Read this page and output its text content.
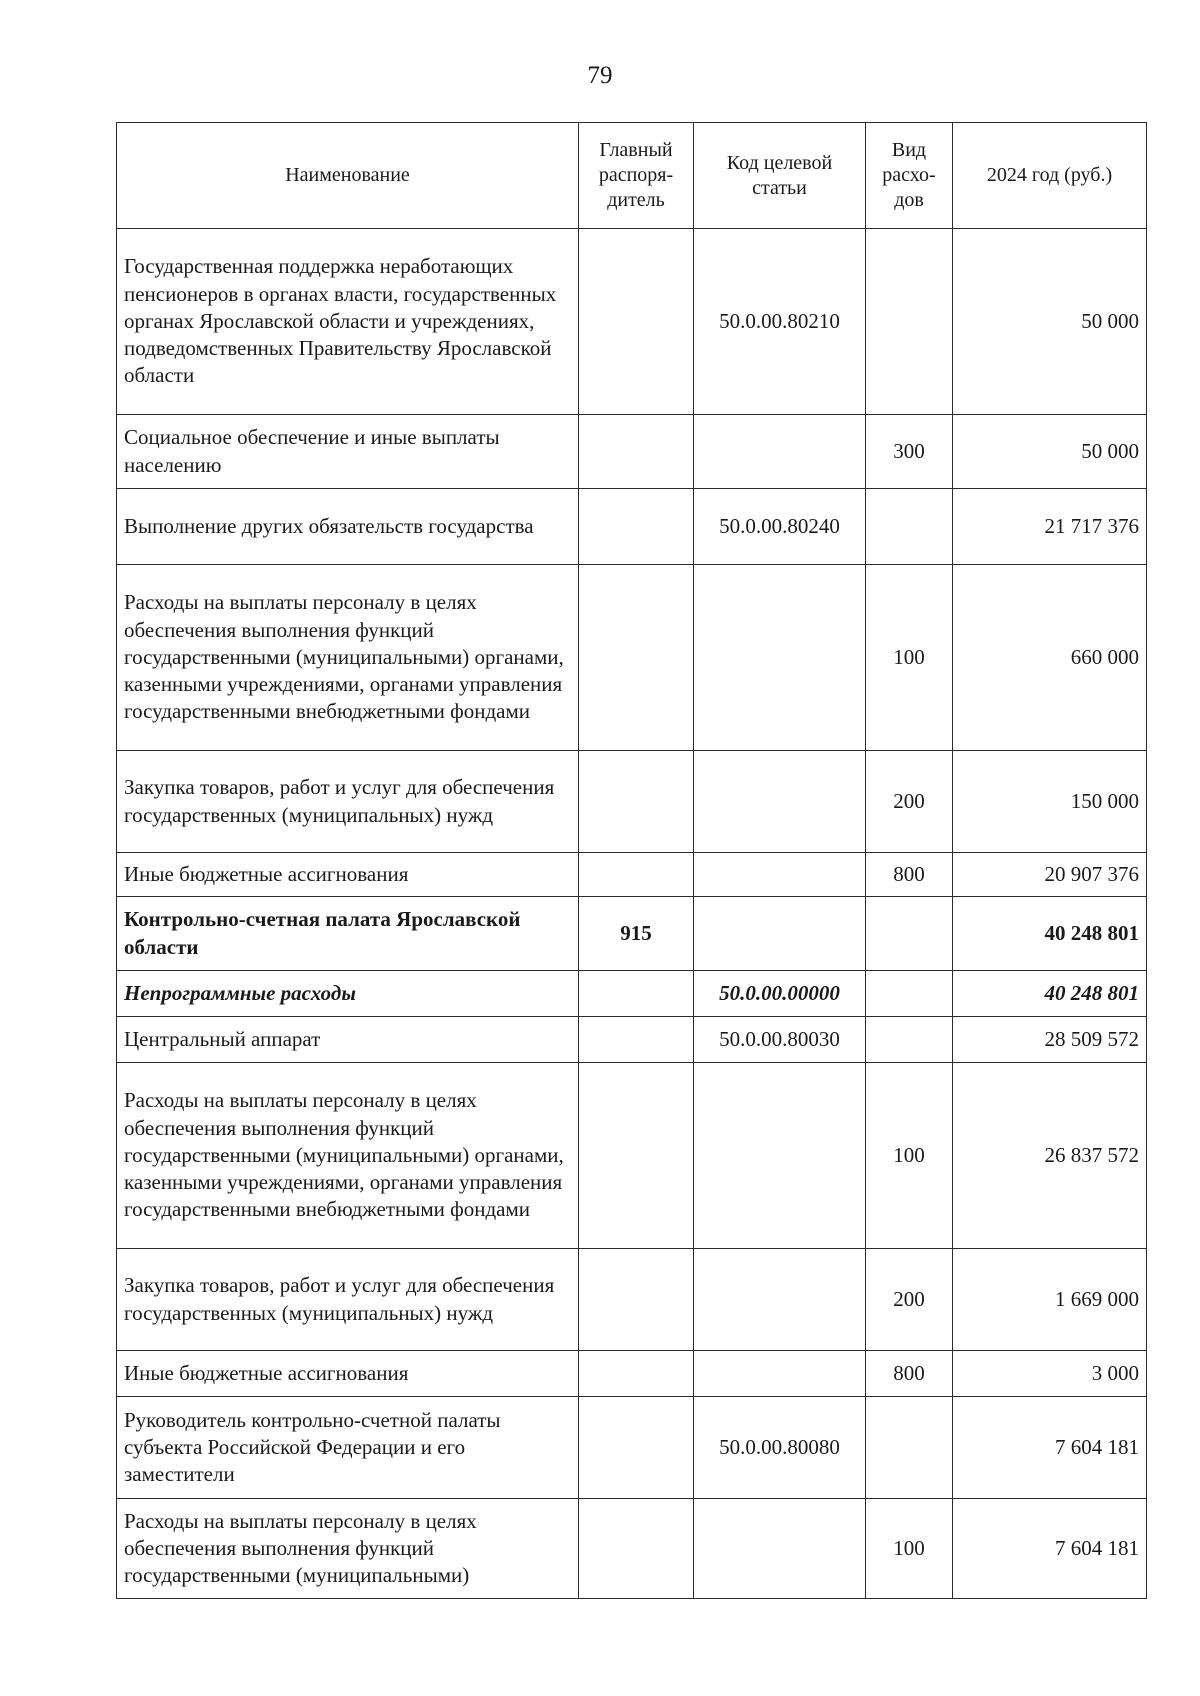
79
Наименование	Главный распоря-дитель	Код целевой статьи	Вид расхо-дов	2024 год (руб.)
Государственная поддержка неработающих пенсионеров в органах власти, государственных органах Ярославской области и учреждениях, подведомственных Правительству Ярославской области		50.0.00.80210		50 000
Социальное обеспечение и иные выплаты населению			300	50 000
Выполнение других обязательств государства		50.0.00.80240		21 717 376
Расходы на выплаты персоналу в целях обеспечения выполнения функций государственными (муниципальными) органами, казенными учреждениями, органами управления государственными внебюджетными фондами			100	660 000
Закупка товаров, работ и услуг для обеспечения государственных (муниципальных) нужд			200	150 000
Иные бюджетные ассигнования			800	20 907 376
Контрольно-счетная палата Ярославской области	915			40 248 801
Непрограммные расходы		50.0.00.00000		40 248 801
Центральный аппарат		50.0.00.80030		28 509 572
Расходы на выплаты персоналу в целях обеспечения выполнения функций государственными (муниципальными) органами, казенными учреждениями, органами управления государственными внебюджетными фондами			100	26 837 572
Закупка товаров, работ и услуг для обеспечения государственных (муниципальных) нужд			200	1 669 000
Иные бюджетные ассигнования			800	3 000
Руководитель контрольно-счетной палаты субъекта Российской Федерации и его заместители		50.0.00.80080		7 604 181
Расходы на выплаты персоналу в целях обеспечения выполнения функций государственными (муниципальными)			100	7 604 181
